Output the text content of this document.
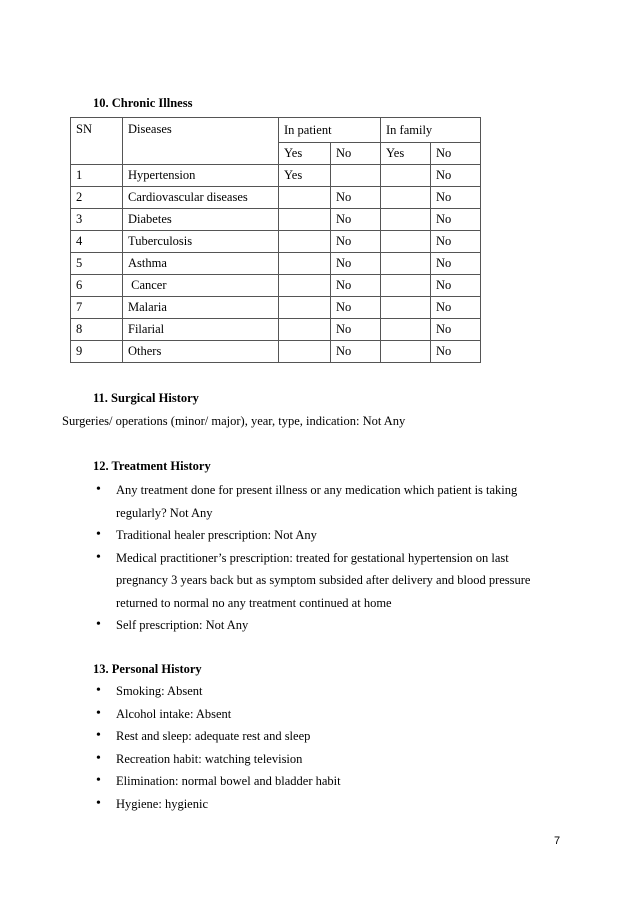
10. Chronic Illness
SN	Diseases	In patient		In family	
		Yes	No	Yes	No
1	Hypertension	Yes			No
2	Cardiovascular diseases		No		No
3	Diabetes		No		No
4	Tuberculosis		No		No
5	Asthma		No		No
6	Cancer		No		No
7	Malaria		No		No
8	Filarial		No		No
9	Others		No		No
11. Surgical History
Surgeries/ operations (minor/ major), year, type, indication: Not Any
12. Treatment History
• Any treatment done for present illness or any medication which patient is taking regularly? Not Any
• Traditional healer prescription: Not Any
• Medical practitioner’s prescription: treated for gestational hypertension on last pregnancy 3 years back but as symptom subsided after delivery and blood pressure returned to normal no any treatment continued at home
• Self prescription: Not Any
13. Personal History
• Smoking: Absent
• Alcohol intake: Absent
• Rest and sleep: adequate rest and sleep
• Recreation habit: watching television
• Elimination: normal bowel and bladder habit
• Hygiene: hygienic
7
